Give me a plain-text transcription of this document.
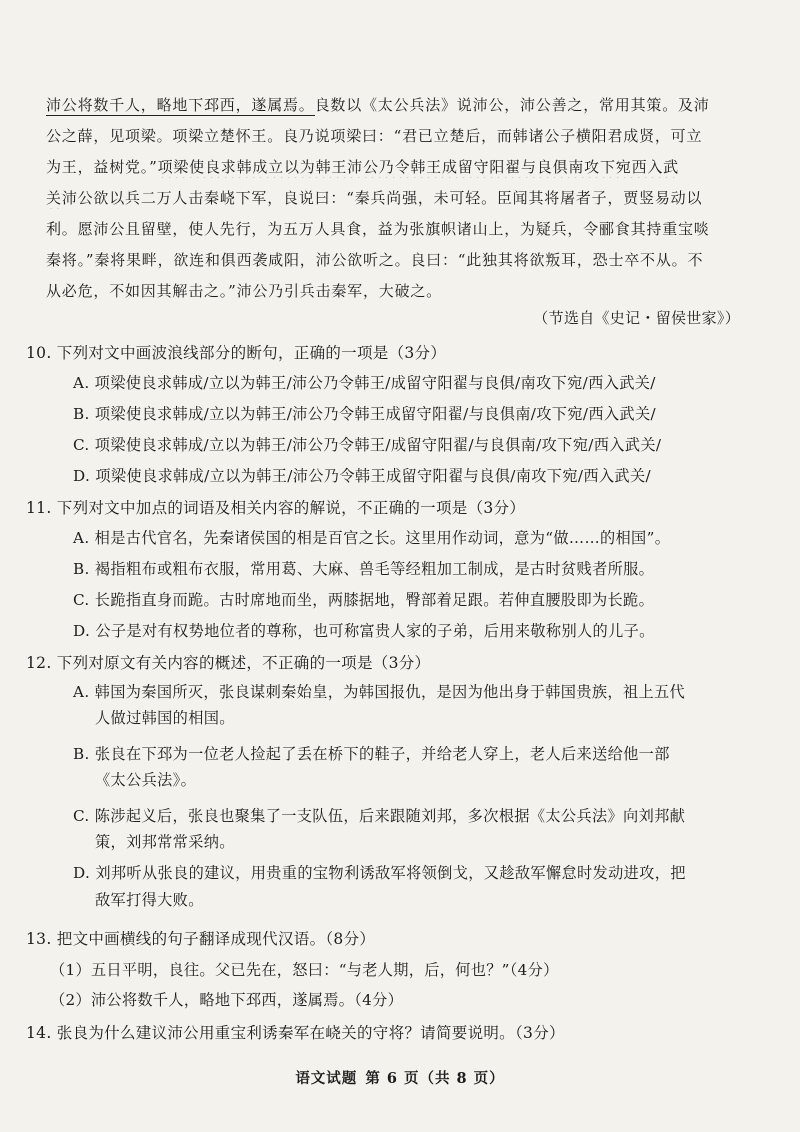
沛公将数千人，略地下邳西，遂属焉。良数以《太公兵法》说沛公，沛公善之，常用其策。及沛
公之薛，见项梁。项梁立楚怀王。良乃说项梁曰：“君已立楚后，而韩诸公子横阳君成贤，可立
为王，益树党。”项梁使良求韩成立以为韩王沛公乃令韩王成留守阳翟与良俱南攻下宛西入武
关沛公欲以兵二万人击秦峣下军，良说曰：“秦兵尚强，未可轻。臣闻其将屠者子，贾竖易动以
利。愿沛公且留壁，使人先行，为五万人具食，益为张旗帜诸山上，为疑兵，令郦食其持重宝啖
秦将。”秦将果畔，欲连和俱西袭咸阳，沛公欲听之。良曰：“此独其将欲叛耳，恐士卒不从。不
从必危，不如因其解击之。”沛公乃引兵击秦军，大破之。
（节选自《史记・留侯世家》）
10. 下列对文中画波浪线部分的断句，正确的一项是（3分）
A. 项梁使良求韩成/立以为韩王/沛公乃令韩王/成留守阳翟与良俱/南攻下宛/西入武关/
B. 项梁使良求韩成/立以为韩王/沛公乃令韩王成留守阳翟/与良俱南/攻下宛/西入武关/
C. 项梁使良求韩成/立以为韩王/沛公乃令韩王/成留守阳翟/与良俱南/攻下宛/西入武关/
D. 项梁使良求韩成/立以为韩王/沛公乃令韩王成留守阳翟与良俱/南攻下宛/西入武关/
11. 下列对文中加点的词语及相关内容的解说，不正确的一项是（3分）
A. 相是古代官名，先秦诸侯国的相是百官之长。这里用作动词，意为“做……的相国”。
B. 褐指粗布或粗布衣服，常用葛、大麻、兽毛等经粗加工制成，是古时贫贱者所服。
C. 长跪指直身而跪。古时席地而坐，两膝据地，臀部着足跟。若伸直腰股即为长跪。
D. 公子是对有权势地位者的尊称，也可称富贵人家的子弟，后用来敬称别人的儿子。
12. 下列对原文有关内容的概述，不正确的一项是（3分）
A. 韩国为秦国所灭，张良谋刺秦始皇，为韩国报仇，是因为他出身于韩国贵族，祖上五代
人做过韩国的相国。
B. 张良在下邳为一位老人捡起了丢在桥下的鞋子，并给老人穿上，老人后来送给他一部
《太公兵法》。
C. 陈涉起义后，张良也聚集了一支队伍，后来跟随刘邦，多次根据《太公兵法》向刘邦献
策，刘邦常常采纳。
D. 刘邦听从张良的建议，用贵重的宝物利诱敌军将领倒戈，又趁敌军懈怠时发动进攻，把
敌军打得大败。
13. 把文中画横线的句子翻译成现代汉语。（8分）
（1）五日平明，良往。父已先在，怒曰：“与老人期，后，何也？”（4分）
（2）沛公将数千人，略地下邳西，遂属焉。（4分）
14. 张良为什么建议沛公用重宝利诱秦军在峣关的守将？请简要说明。（3分）
语文试题 第 6 页（共 8 页）
